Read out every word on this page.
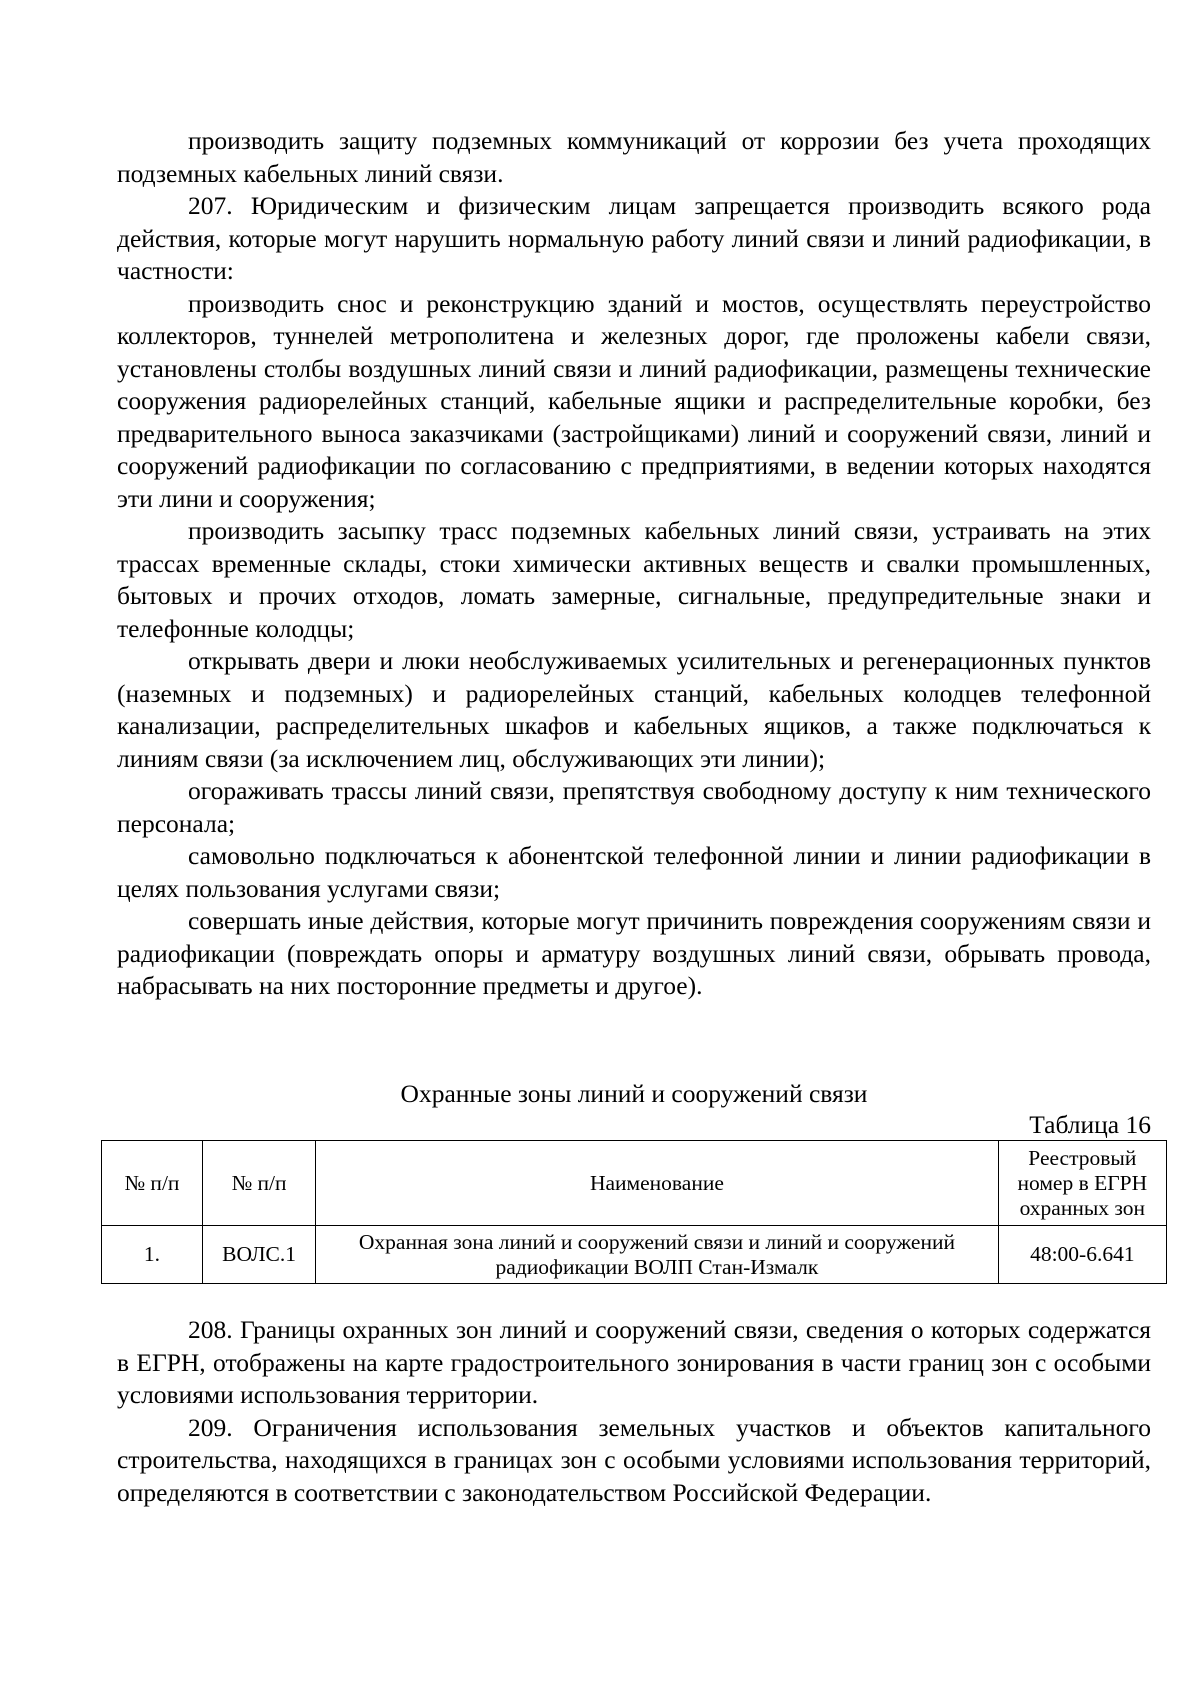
производить защиту подземных коммуникаций от коррозии без учета проходящих подземных кабельных линий связи.

207. Юридическим и физическим лицам запрещается производить всякого рода действия, которые могут нарушить нормальную работу линий связи и линий радиофикации, в частности:

производить снос и реконструкцию зданий и мостов, осуществлять переустройство коллекторов, туннелей метрополитена и железных дорог, где проложены кабели связи, установлены столбы воздушных линий связи и линий радиофикации, размещены технические сооружения радиорелейных станций, кабельные ящики и распределительные коробки, без предварительного выноса заказчиками (застройщиками) линий и сооружений связи, линий и сооружений радиофикации по согласованию с предприятиями, в ведении которых находятся эти лини и сооружения;

производить засыпку трасс подземных кабельных линий связи, устраивать на этих трассах временные склады, стоки химически активных веществ и свалки промышленных, бытовых и прочих отходов, ломать замерные, сигнальные, предупредительные знаки и телефонные колодцы;

открывать двери и люки необслуживаемых усилительных и регенерационных пунктов (наземных и подземных) и радиорелейных станций, кабельных колодцев телефонной канализации, распределительных шкафов и кабельных ящиков, а также подключаться к линиям связи (за исключением лиц, обслуживающих эти линии);

огораживать трассы линий связи, препятствуя свободному доступу к ним технического персонала;

самовольно подключаться к абонентской телефонной линии и линии радиофикации в целях пользования услугами связи;

совершать иные действия, которые могут причинить повреждения сооружениям связи и радиофикации (повреждать опоры и арматуру воздушных линий связи, обрывать провода, набрасывать на них посторонние предметы и другое).

Охранные зоны линий и сооружений связи

Таблица 16

№ п/п	№ п/п	Наименование	Реестровый номер в ЕГРН охранных зон
1.	ВОЛС.1	Охранная зона линий и сооружений связи и линий и сооружений радиофикации ВОЛП Стан-Измалк	48:00-6.641

208. Границы охранных зон линий и сооружений связи, сведения о которых содержатся в ЕГРН, отображены на карте градостроительного зонирования в части границ зон с особыми условиями использования территории.

209. Ограничения использования земельных участков и объектов капитального строительства, находящихся в границах зон с особыми условиями использования территорий, определяются в соответствии с законодательством Российской Федерации.
